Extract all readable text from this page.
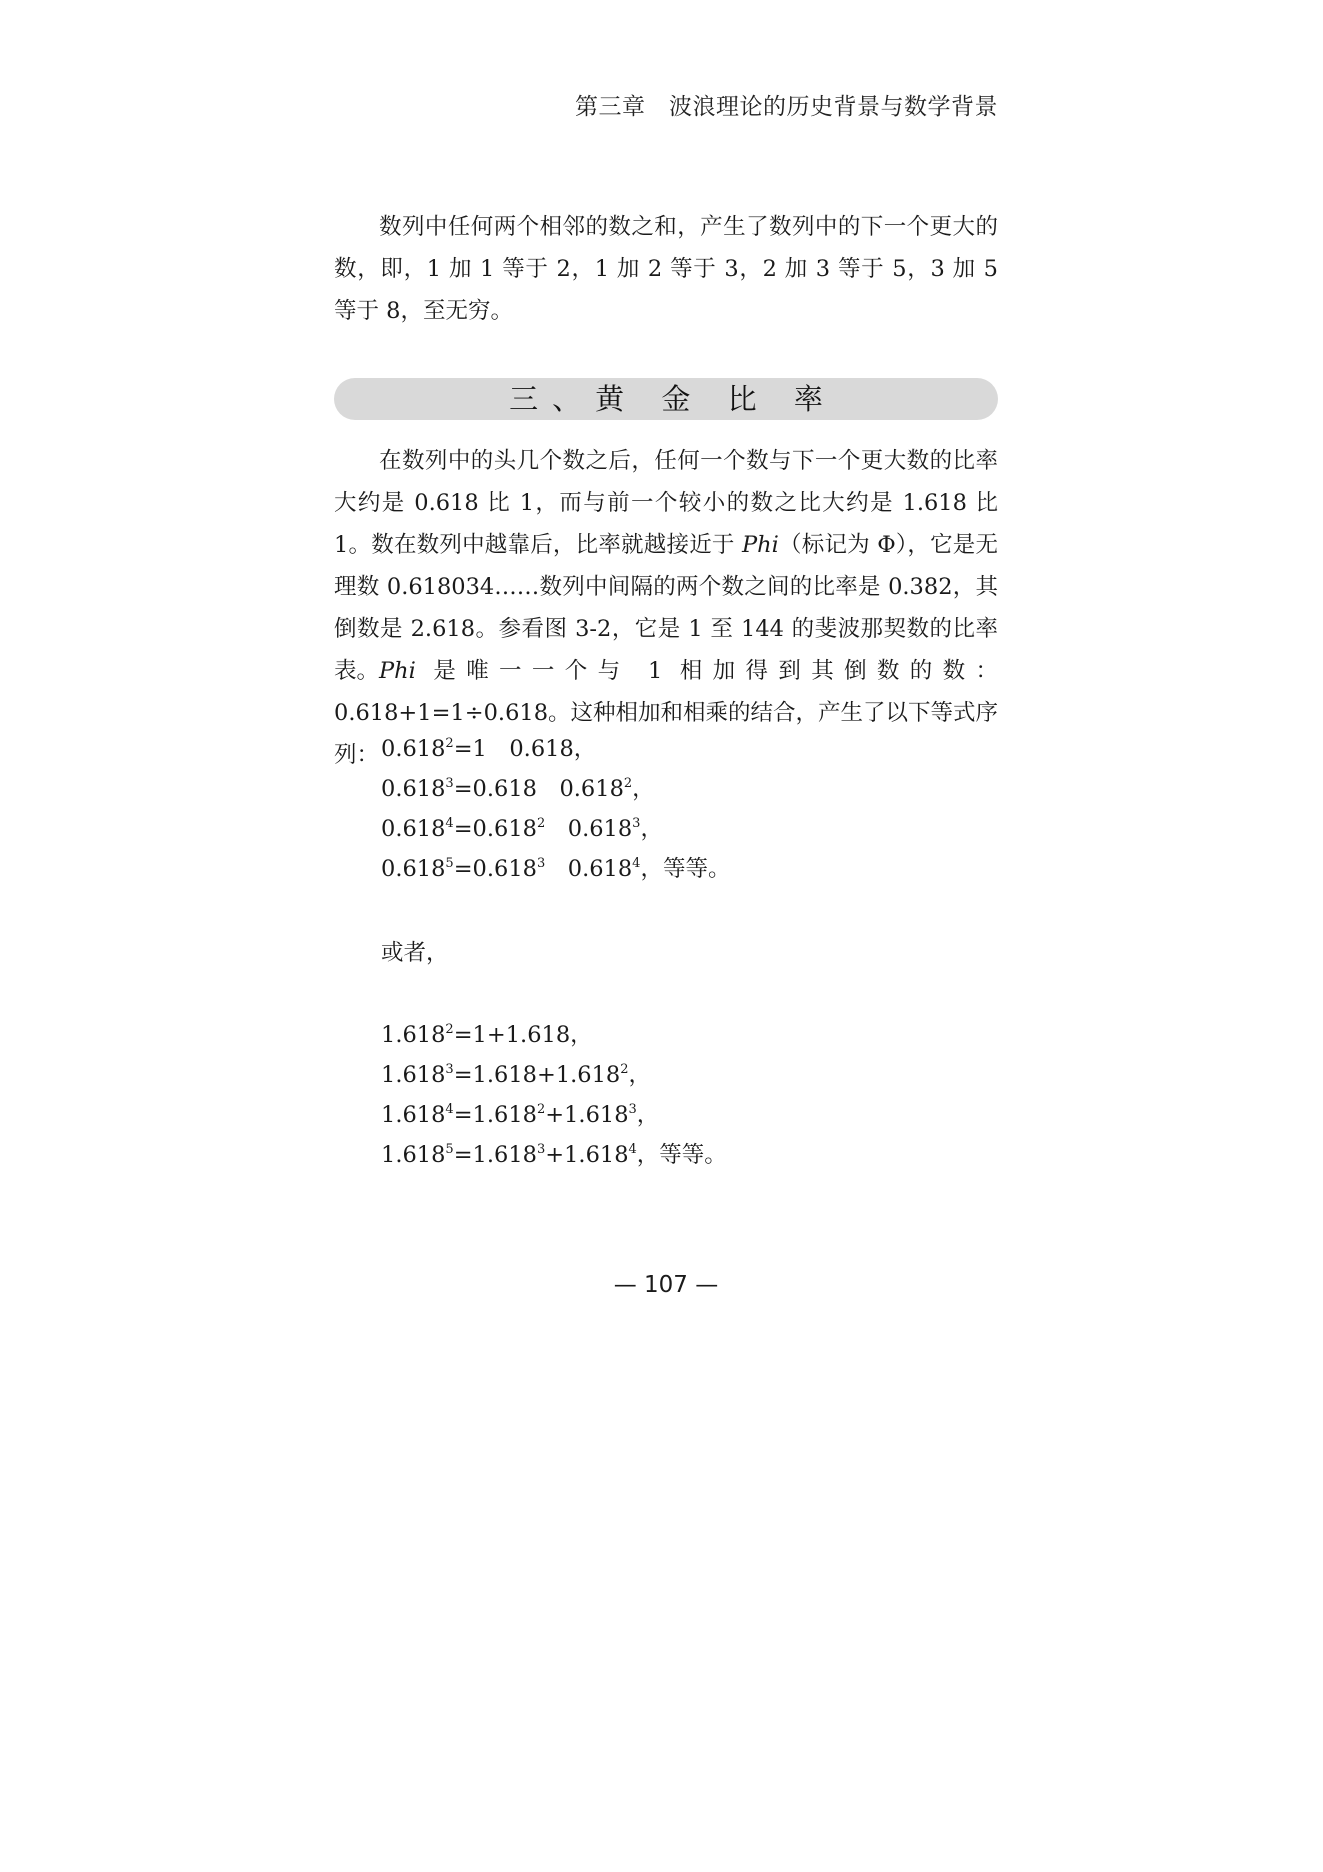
第三章　波浪理论的历史背景与数学背景

数列中任何两个相邻的数之和，产生了数列中的下一个更大的数，即，1 加 1 等于 2，1 加 2 等于 3，2 加 3 等于 5，3 加 5 等于 8，至无穷。

三、黄 金 比 率

在数列中的头几个数之后，任何一个数与下一个更大数的比率大约是 0.618 比 1，而与前一个较小的数之比大约是 1.618 比 1。数在数列中越靠后，比率就越接近于 Phi（标记为 Φ），它是无理数 0.618034……数列中间隔的两个数之间的比率是 0.382，其倒数是 2.618。参看图 3-2，它是 1 至 144 的斐波那契数的比率表。 Phi 是唯一一个与 1 相加得到其倒数的数：0.618+1=1÷0.618。这种相加和相乘的结合，产生了以下等式序列： $0.618^2=1$　0.618，
$0.618^3=0.618$　0.618$^2$，
$0.618^4=0.618^2$　0.618$^3$，
$0.618^5=0.618^3$　0.618$^4$，等等。
或者，
$1.618^2=1+1.618$，
$1.618^3=1.618+1.618^2$，
$1.618^4=1.618^2+1.618^3$，
$1.618^5=1.618^3+1.618^4$，等等。
— 107 —
